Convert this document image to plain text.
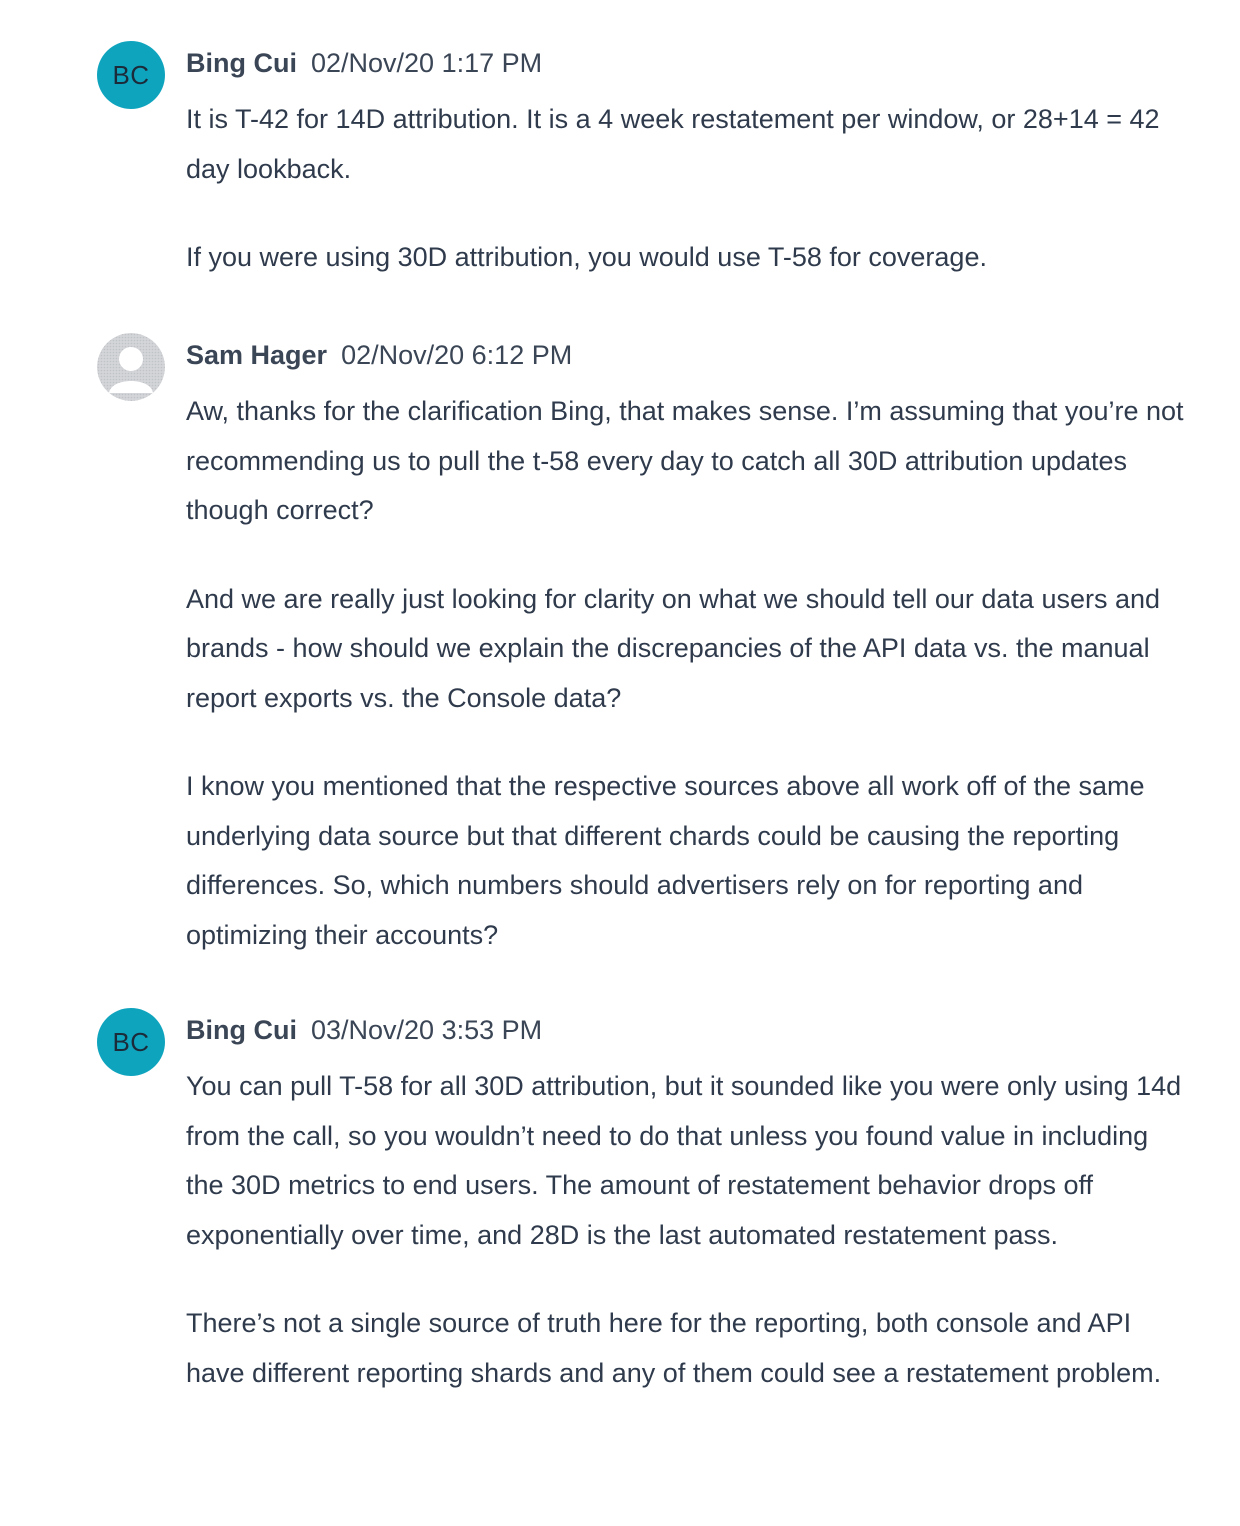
BC Bing Cui 02/Nov/20 1:17 PM

It is T-42 for 14D attribution. It is a 4 week restatement per window, or 28+14 = 42 day lookback.

If you were using 30D attribution, you would use T-58 for coverage.

Sam Hager 02/Nov/20 6:12 PM

Aw, thanks for the clarification Bing, that makes sense. I’m assuming that you’re not recommending us to pull the t-58 every day to catch all 30D attribution updates though correct?

And we are really just looking for clarity on what we should tell our data users and brands - how should we explain the discrepancies of the API data vs. the manual report exports vs. the Console data?

I know you mentioned that the respective sources above all work off of the same underlying data source but that different chards could be causing the reporting differences. So, which numbers should advertisers rely on for reporting and optimizing their accounts?

BC Bing Cui 03/Nov/20 3:53 PM

You can pull T-58 for all 30D attribution, but it sounded like you were only using 14d from the call, so you wouldn’t need to do that unless you found value in including the 30D metrics to end users. The amount of restatement behavior drops off exponentially over time, and 28D is the last automated restatement pass.

There’s not a single source of truth here for the reporting, both console and API have different reporting shards and any of them could see a restatement problem.
